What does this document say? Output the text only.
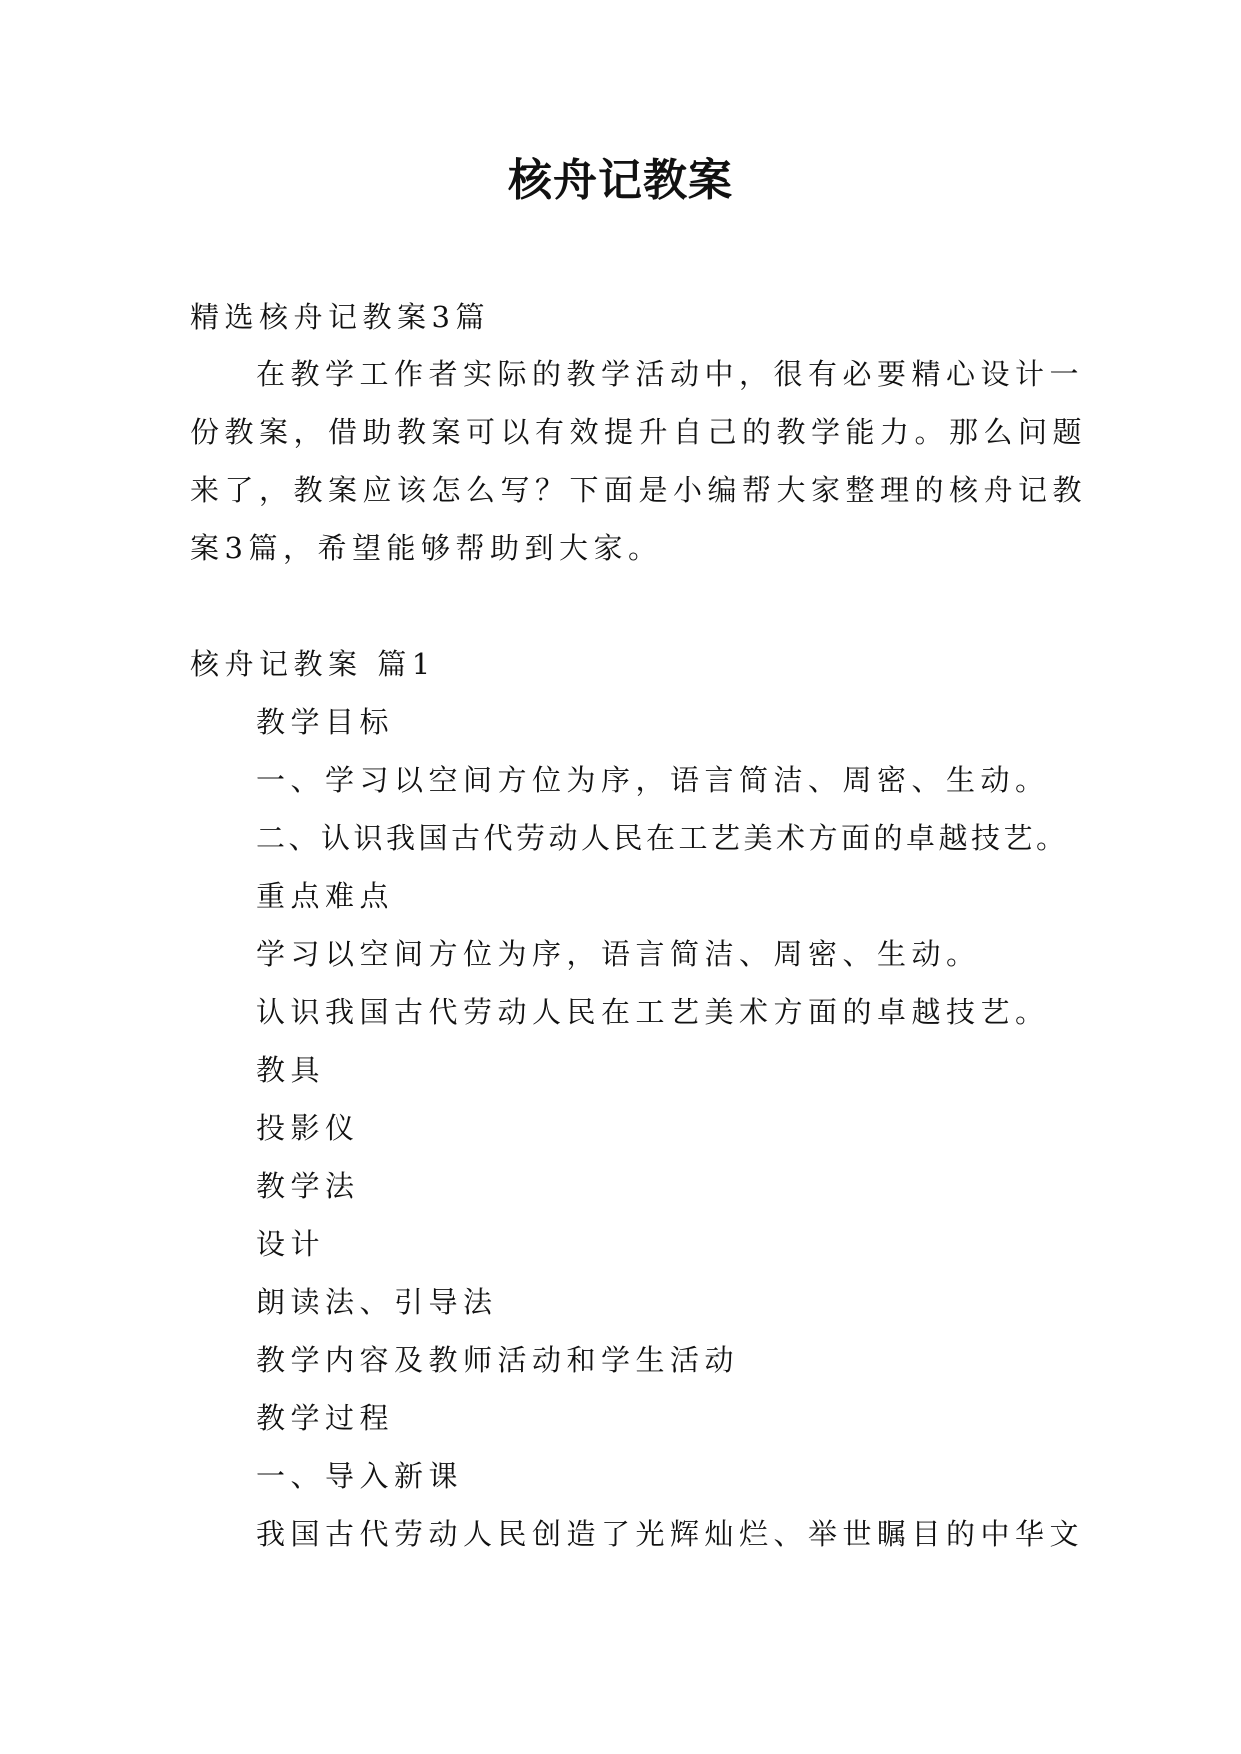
核舟记教案
精选核舟记教案3篇
在教学工作者实际的教学活动中，很有必要精心设计一
份教案，借助教案可以有效提升自己的教学能力。那么问题
来了，教案应该怎么写？下面是小编帮大家整理的核舟记教
案3篇，希望能够帮助到大家。
核舟记教案 篇1
教学目标
一、学习以空间方位为序，语言简洁、周密、生动。
二、认识我国古代劳动人民在工艺美术方面的卓越技艺。
重点难点
学习以空间方位为序，语言简洁、周密、生动。
认识我国古代劳动人民在工艺美术方面的卓越技艺。
教具
投影仪
教学法
设计
朗读法、引导法
教学内容及教师活动和学生活动
教学过程
一、导入新课
我国古代劳动人民创造了光辉灿烂、举世瞩目的中华文
